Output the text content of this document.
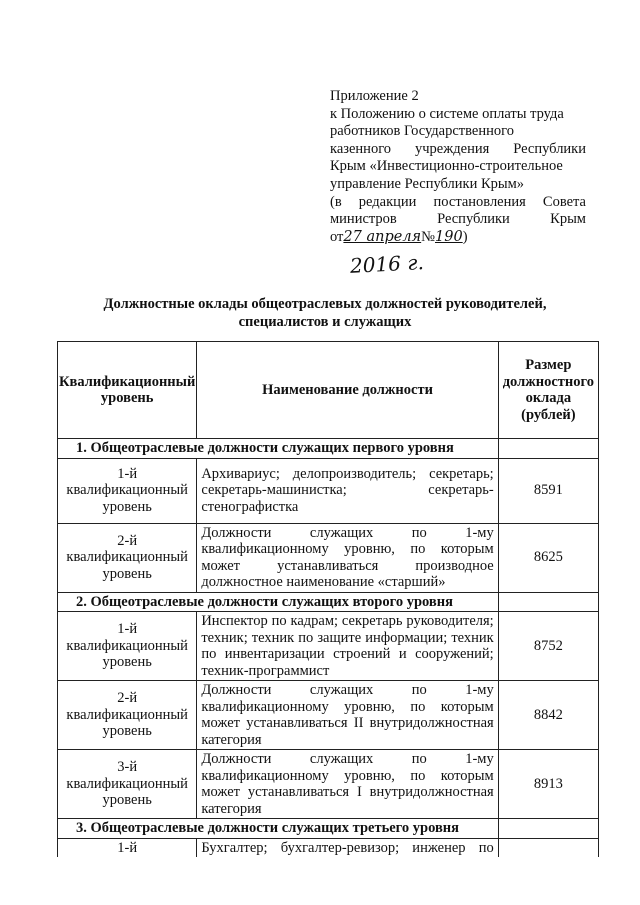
Приложение 2
к Положению о системе оплаты труда
работников Государственного
казенного учреждения Республики
Крым «Инвестиционно-строительное
управление Республики Крым»
(в редакции постановления Совета
министров Республики Крым
от27 апреля№190)
2016 г.
Должностные оклады общеотраслевых должностей руководителей,
специалистов и служащих
Квалификационный уровень	Наименование должности	Размер должностного оклада (рублей)
1. Общеотраслевые должности служащих первого уровня		
1-й квалификационный уровень	Архивариус; делопроизводитель; секретарь; секретарь-машинистка; секретарь-стенографистка	8591
2-й квалификационный уровень	Должности служащих по 1-му квалификационному уровню, по которым может устанавливаться производное должностное наименование «старший»	8625
2. Общеотраслевые должности служащих второго уровня		
1-й квалификационный уровень	Инспектор по кадрам; секретарь руководителя; техник; техник по защите информации; техник по инвентаризации строений и сооружений; техник-программист	8752
2-й квалификационный уровень	Должности служащих по 1-му квалификационному уровню, по которым может устанавливаться II внутридолжностная категория	8842
3-й квалификационный уровень	Должности служащих по 1-му квалификационному уровню, по которым может устанавливаться I внутридолжностная категория	8913
3. Общеотраслевые должности служащих третьего уровня		
1-й	Бухгалтер; бухгалтер-ревизор; инженер по	
